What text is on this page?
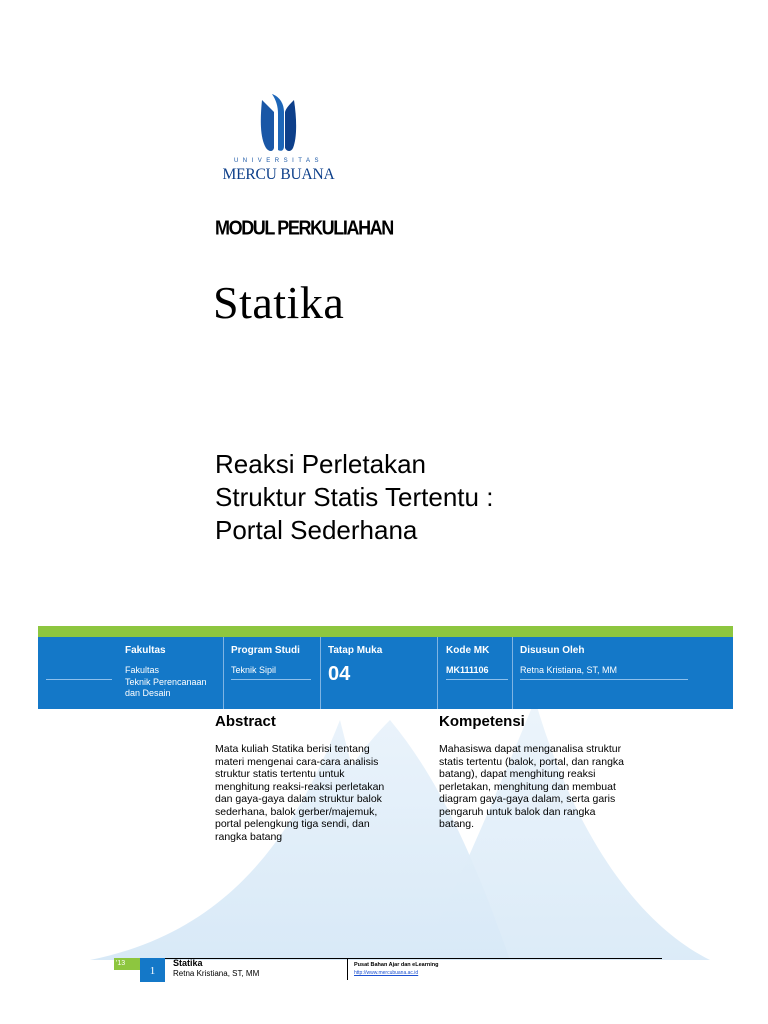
UNIVERSITAS
MERCU BUANA
MODUL PERKULIAHAN
Statika
Reaksi Perletakan
Struktur Statis Tertentu :
Portal Sederhana
Fakultas
Fakultas
Teknik Perencanaan
dan Desain
Program Studi
Teknik Sipil
Tatap Muka
04
Kode MK
MK111106
Disusun Oleh
Retna Kristiana, ST, MM
Abstract
Mata kuliah Statika berisi tentang
materi mengenai cara-cara analisis
struktur statis tertentu untuk
menghitung reaksi-reaksi perletakan
dan gaya-gaya dalam struktur balok
sederhana, balok gerber/majemuk,
portal pelengkung tiga sendi, dan
rangka batang
Kompetensi
Mahasiswa dapat menganalisa struktur
statis tertentu (balok, portal, dan rangka
batang), dapat menghitung reaksi
perletakan, menghitung dan membuat
diagram gaya-gaya dalam, serta garis
pengaruh untuk balok dan rangka
batang.
'13
1
Statika
Retna Kristiana, ST, MM
Pusat Bahan Ajar dan eLearning
http://www.mercubuana.ac.id
